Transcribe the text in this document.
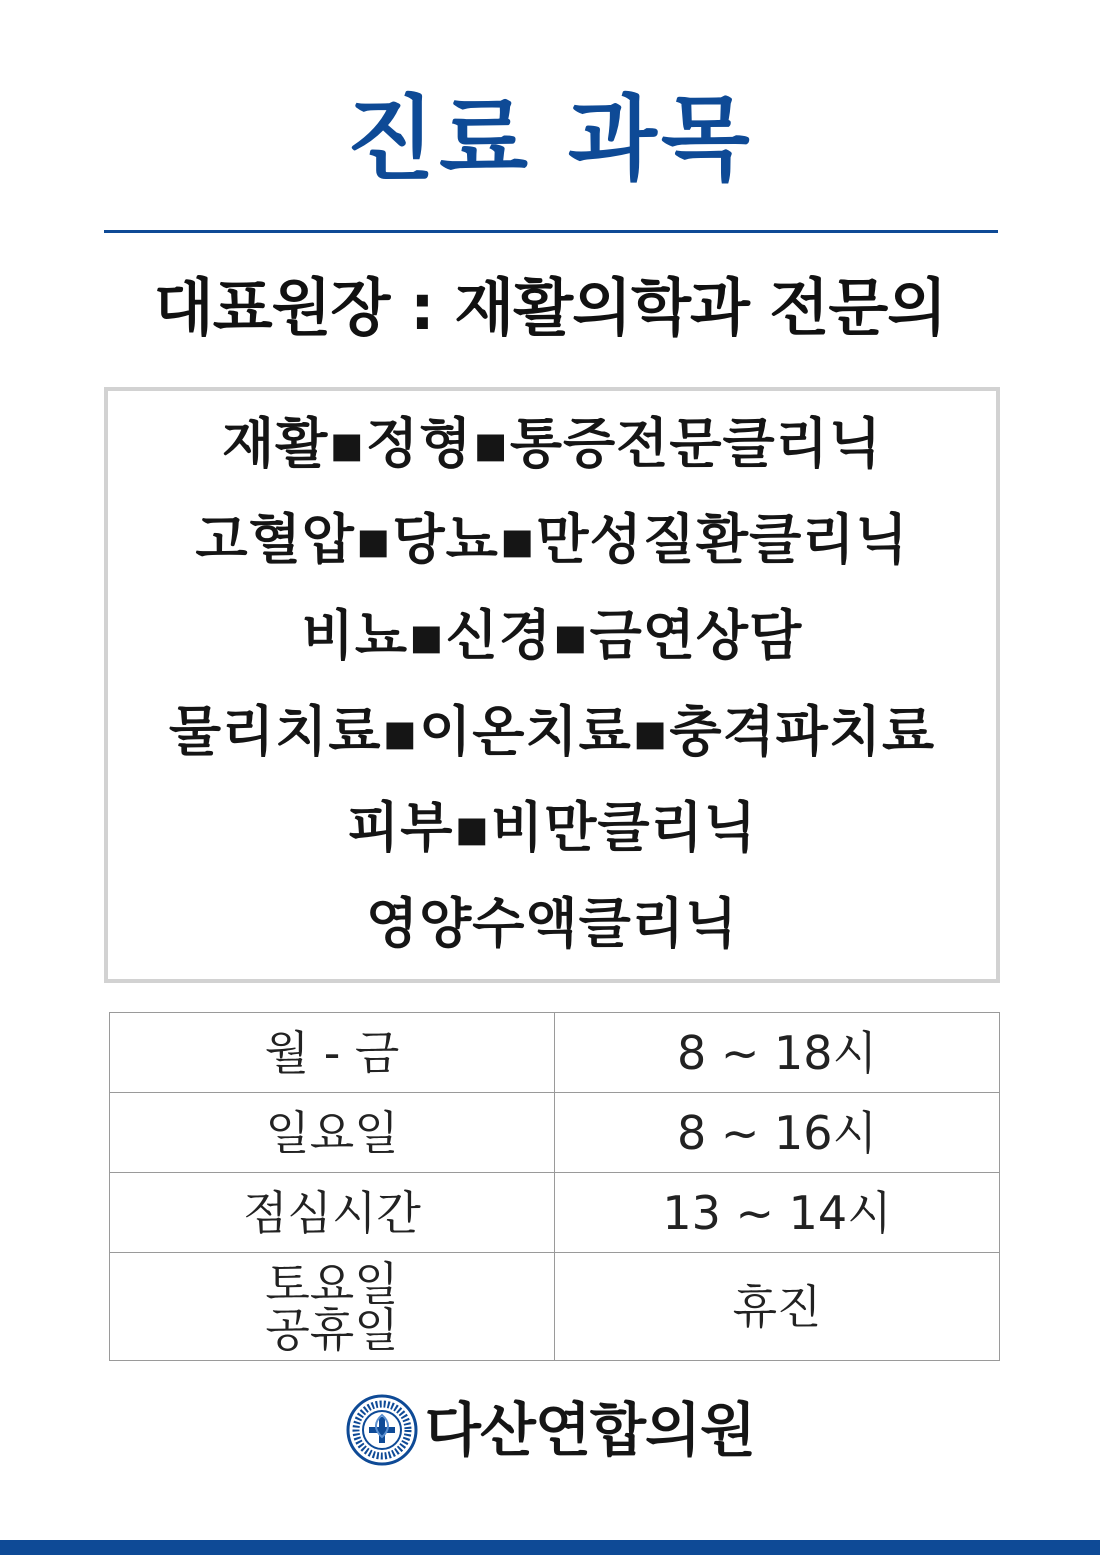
진료 과목
대표원장 : 재활의학과 전문의
재활▪정형▪통증전문클리닉
고혈압▪당뇨▪만성질환클리닉
비뇨▪신경▪금연상담
물리치료▪이온치료▪충격파치료
피부▪비만클리닉
영양수액클리닉
월 - 금	8 ~ 18시
일요일	8 ~ 16시
점심시간	13 ~ 14시

토요일
공휴일	휴진
다산연합의원
